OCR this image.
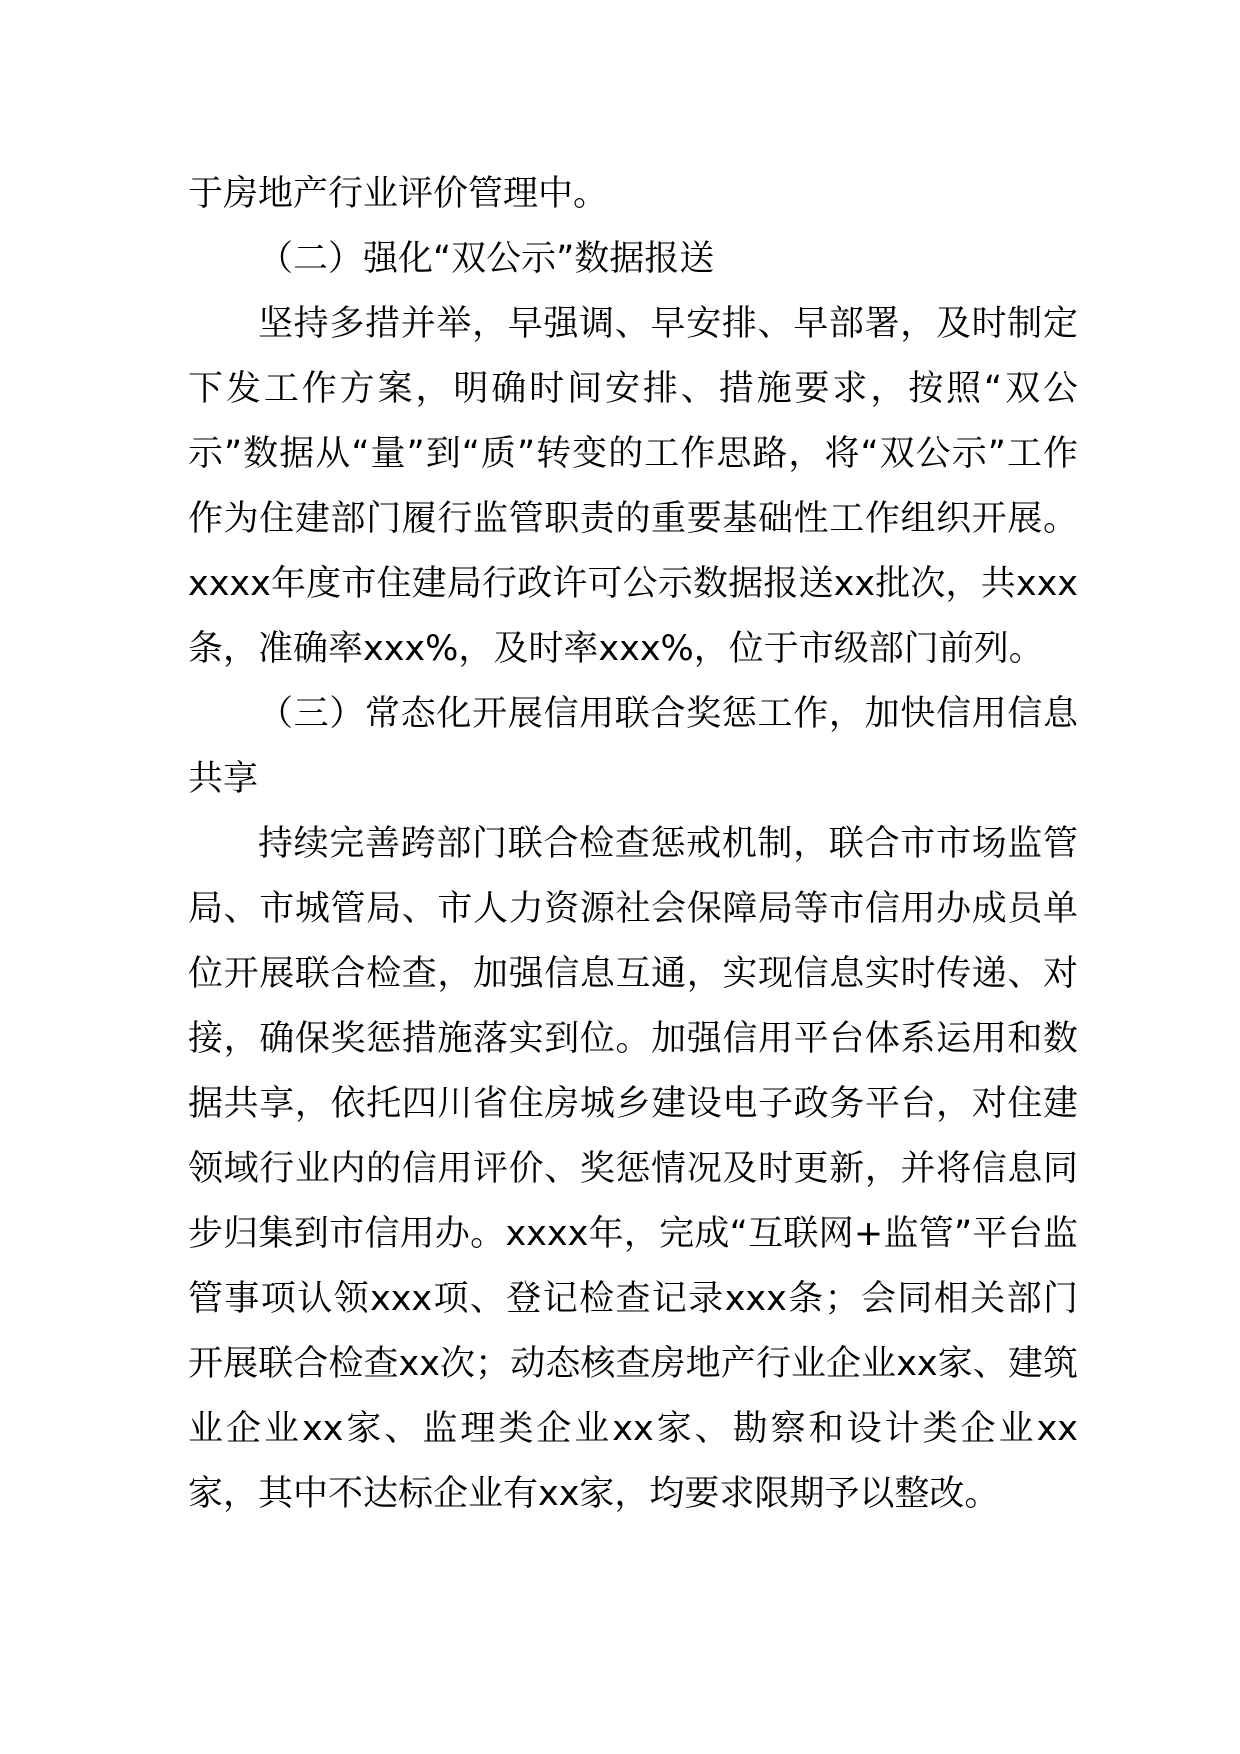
于房地产行业评价管理中。

（二）强化“双公示”数据报送

坚持多措并举，早强调、早安排、早部署，及时制定下发工作方案，明确时间安排、措施要求，按照“双公示”数据从“量”到“质”转变的工作思路，将“双公示”工作作为住建部门履行监管职责的重要基础性工作组织开展。xxxx年度市住建局行政许可公示数据报送xx批次，共xxx条，准确率xxx%，及时率xxx%，位于市级部门前列。

（三）常态化开展信用联合奖惩工作，加快信用信息共享

持续完善跨部门联合检查惩戒机制，联合市市场监管局、市城管局、市人力资源社会保障局等市信用办成员单位开展联合检查，加强信息互通，实现信息实时传递、对接，确保奖惩措施落实到位。加强信用平台体系运用和数据共享，依托四川省住房城乡建设电子政务平台，对住建领域行业内的信用评价、奖惩情况及时更新，并将信息同步归集到市信用办。xxxx年，完成“互联网+监管”平台监管事项认领xxx项、登记检查记录xxx条；会同相关部门开展联合检查xx次；动态核查房地产行业企业xx家、建筑业企业xx家、监理类企业xx家、勘察和设计类企业xx家，其中不达标企业有xx家，均要求限期予以整改。
